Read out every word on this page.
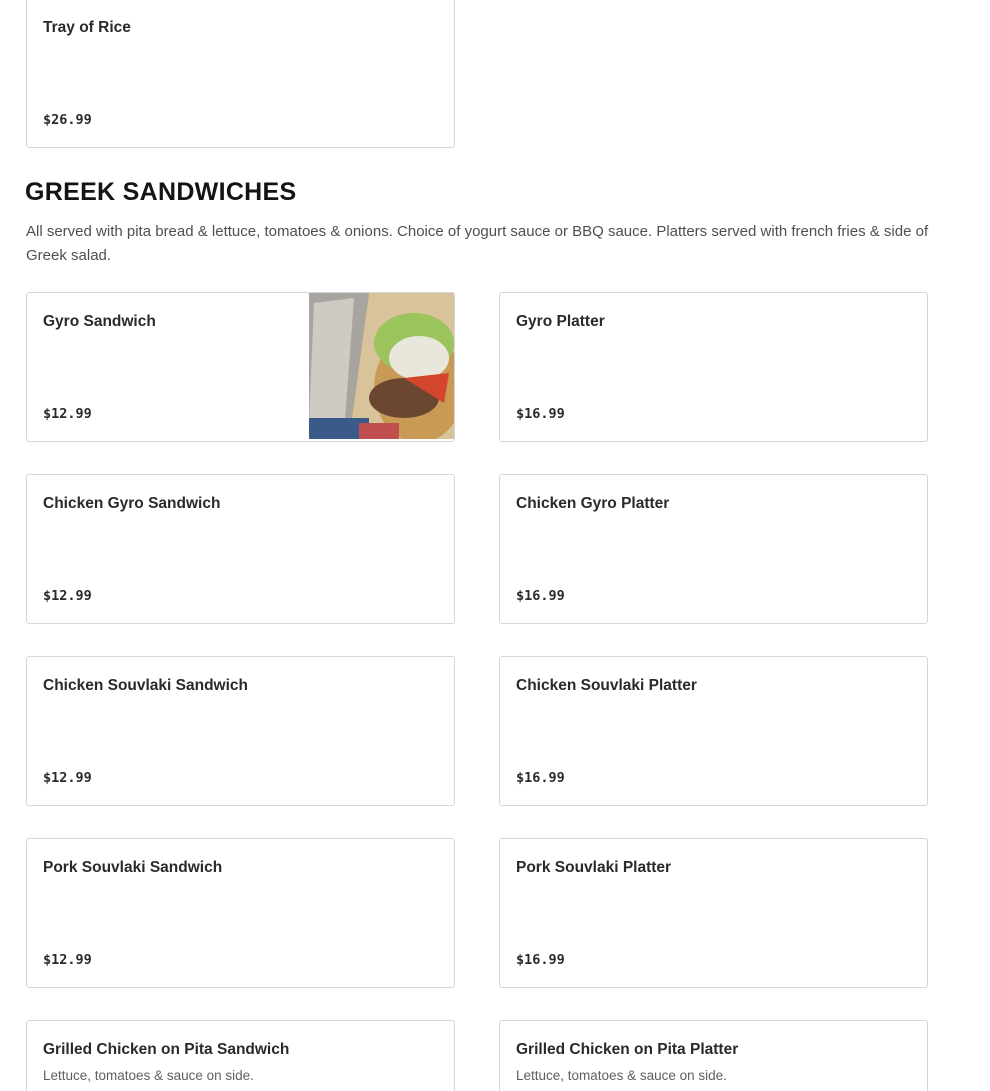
Tray of Rice
$26.99
GREEK SANDWICHES

All served with pita bread & lettuce, tomatoes & onions. Choice of yogurt sauce or BBQ sauce. Platters served with french fries & side of Greek salad.

Gyro Sandwich
$12.99
Gyro Platter
$16.99
Chicken Gyro Sandwich
$12.99
Chicken Gyro Platter
$16.99
Chicken Souvlaki Sandwich
$12.99
Chicken Souvlaki Platter
$16.99
Pork Souvlaki Sandwich
$12.99
Pork Souvlaki Platter
$16.99
Grilled Chicken on Pita Sandwich
Lettuce, tomatoes & sauce on side.
Grilled Chicken on Pita Platter
Lettuce, tomatoes & sauce on side.
